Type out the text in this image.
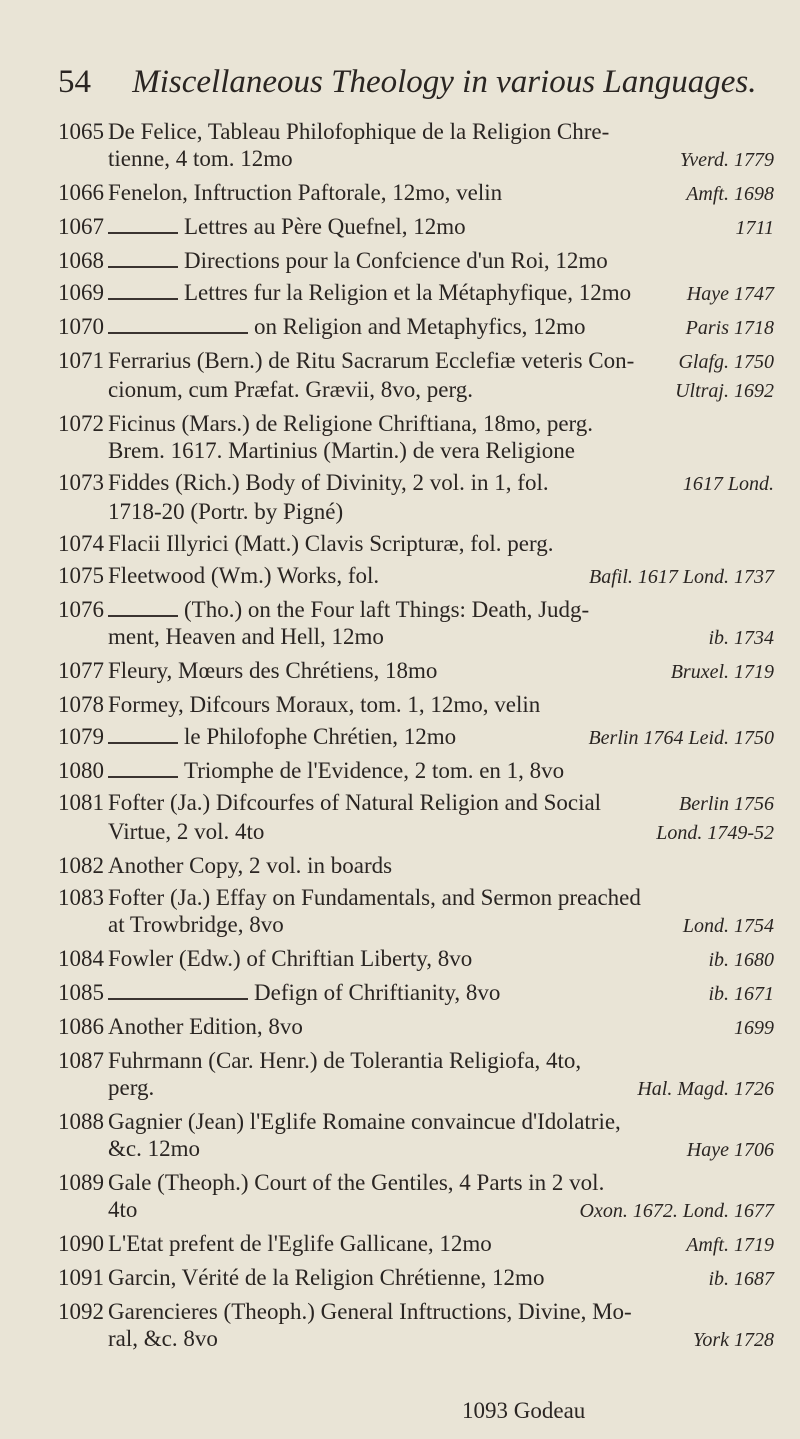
54 Miscellaneous Theology in various Languages.
1065 De Felice, Tableau Philofophique de la Religion Chre-
tienne, 4 tom. 12mo	Yverd. 1779
1066 Fenelon, Inftruction Paftorale, 12mo, velin	Amft. 1698
1067	Lettres au Père Quefnel, 12mo	1711
1068	Directions pour la Confcience d'un Roi, 12mo
1069	Lettres fur la Religion et la Métaphyfique, 12mo	Haye 1747
1070	on Religion and Metaphyfics, 12mo	Paris 1718
1071 Ferrarius (Bern.) de Ritu Sacrarum Ecclefiæ veteris Con-	Glafg. 1750
cionum, cum Præfat. Grævii, 8vo, perg.	Ultraj. 1692
1072 Ficinus (Mars.) de Religione Chriftiana, 18mo, perg.
Brem. 1617. Martinius (Martin.) de vera Religione
1073 Fiddes (Rich.) Body of Divinity, 2 vol. in 1, fol.	1617 Lond.
1718-20 (Portr. by Pigné)
1074 Flacii Illyrici (Matt.) Clavis Scripturæ, fol. perg.
1075 Fleetwood (Wm.) Works, fol.	Bafil. 1617 Lond. 1737
1076	(Tho.) on the Four laft Things: Death, Judg-
ment, Heaven and Hell, 12mo	ib. 1734
1077 Fleury, Mœurs des Chrétiens, 18mo	Bruxel. 1719
1078 Formey, Difcours Moraux, tom. 1, 12mo, velin
1079	le Philofophe Chrétien, 12mo	Berlin 1764 Leid. 1750
1080	Triomphe de l'Evidence, 2 tom. en 1, 8vo
1081 Fofter (Ja.) Difcourfes of Natural Religion and Social	Berlin 1756
Virtue, 2 vol. 4to	Lond. 1749-52
1082 Another Copy, 2 vol. in boards
1083 Fofter (Ja.) Effay on Fundamentals, and Sermon preached
at Trowbridge, 8vo	Lond. 1754
1084 Fowler (Edw.) of Chriftian Liberty, 8vo	ib. 1680
1085	Defign of Chriftianity, 8vo	ib. 1671
1086 Another Edition, 8vo	1699
1087 Fuhrmann (Car. Henr.) de Tolerantia Religiofa, 4to,
perg.	Hal. Magd. 1726
1088 Gagnier (Jean) l'Eglife Romaine convaincue d'Idolatrie,
&c. 12mo	Haye 1706
1089 Gale (Theoph.) Court of the Gentiles, 4 Parts in 2 vol.
4to	Oxon. 1672. Lond. 1677
1090 L'Etat prefent de l'Eglife Gallicane, 12mo	Amft. 1719
1091 Garcin, Vérité de la Religion Chrétienne, 12mo	ib. 1687
1092 Garencieres (Theoph.) General Inftructions, Divine, Mo-
ral, &c. 8vo	York 1728
1093 Godeau
